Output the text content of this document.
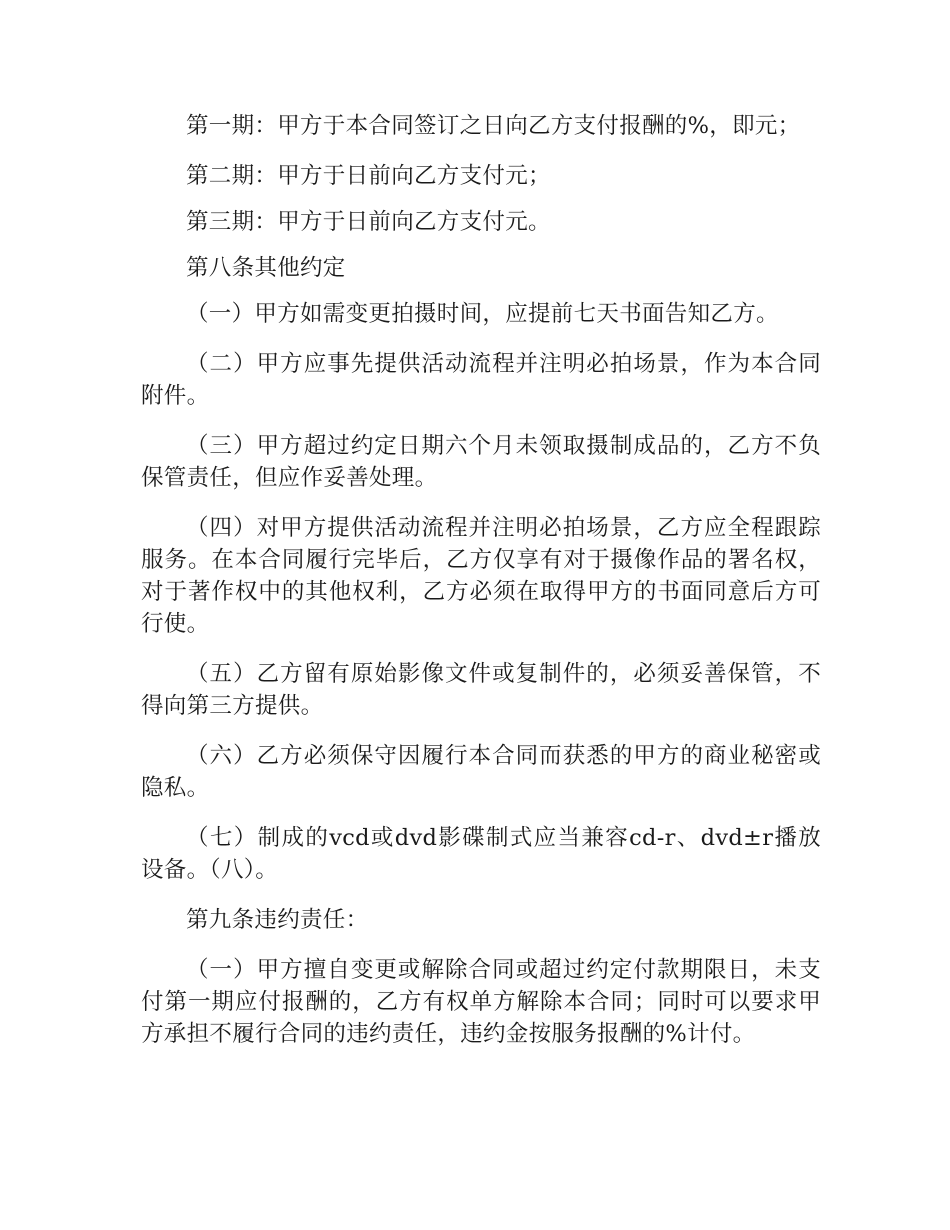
第一期：甲方于本合同签订之日向乙方支付报酬的%，即元；

第二期：甲方于日前向乙方支付元；

第三期：甲方于日前向乙方支付元。

第八条其他约定

（一）甲方如需变更拍摄时间，应提前七天书面告知乙方。

（二）甲方应事先提供活动流程并注明必拍场景，作为本合同附件。

（三）甲方超过约定日期六个月未领取摄制成品的，乙方不负保管责任，但应作妥善处理。

（四）对甲方提供活动流程并注明必拍场景，乙方应全程跟踪服务。在本合同履行完毕后，乙方仅享有对于摄像作品的署名权，对于著作权中的其他权利，乙方必须在取得甲方的书面同意后方可行使。

（五）乙方留有原始影像文件或复制件的，必须妥善保管，不得向第三方提供。

（六）乙方必须保守因履行本合同而获悉的甲方的商业秘密或隐私。

（七）制成的vcd或dvd影碟制式应当兼容cd-r、dvd±r播放设备。（八）。

第九条违约责任：

（一）甲方擅自变更或解除合同或超过约定付款期限日，未支付第一期应付报酬的，乙方有权单方解除本合同；同时可以要求甲方承担不履行合同的违约责任，违约金按服务报酬的%计付。
